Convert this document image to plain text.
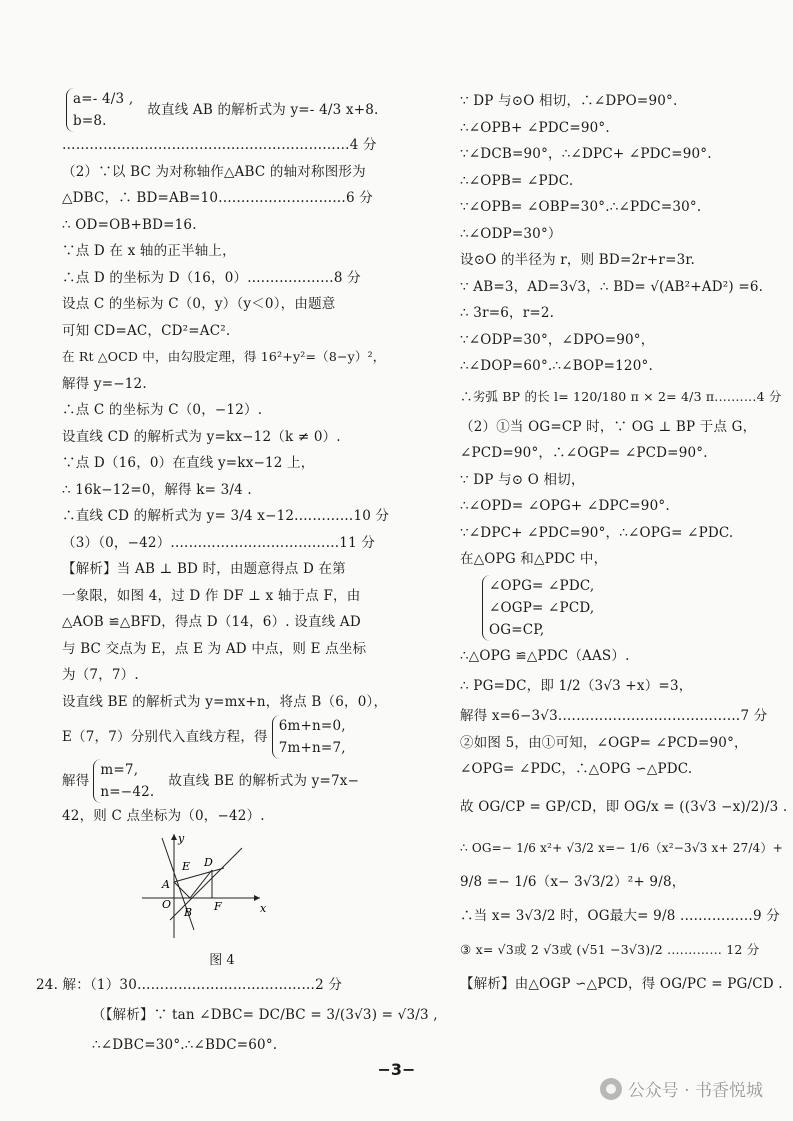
a=- 4/3 ,
b=8.
故直线 AB 的解析式为 y=- 4/3 x+8.
………………………………………………………4 分
（2）∵以 BC 为对称轴作△ABC 的轴对称图形为
△DBC，∴ BD=AB=10.………………………6 分
∴ OD=OB+BD=16.
∵点 D 在 x 轴的正半轴上，
∴点 D 的坐标为 D（16，0）.………………8 分
设点 C 的坐标为 C（0，y）（y＜0），由题意
可知 CD=AC，CD²=AC².
在 Rt △OCD 中，由勾股定理，得 16²+y²=（8−y）²，
解得 y=−12.
∴点 C 的坐标为 C（0，−12）.
设直线 CD 的解析式为 y=kx−12（k ≠ 0）.
∵点 D（16，0）在直线 y=kx−12 上，
∴ 16k−12=0，解得 k= 3/4 .
∴直线 CD 的解析式为 y= 3/4 x−12.…………10 分
（3）（0，−42）.………………………………11 分
【解析】当 AB ⊥ BD 时，由题意得点 D 在第
一象限，如图 4，过 D 作 DF ⊥ x 轴于点 F，由
△AOB ≌△BFD，得点 D（14，6）. 设直线 AD
与 BC 交点为 E，点 E 为 AD 中点，则 E 点坐标
为（7，7）.
设直线 BE 的解析式为 y=mx+n，将点 B（6，0），
E（7，7）分别代入直线方程，得
6m+n=0,
7m+n=7,
解得
m=7,
n=−42.
故直线 BE 的解析式为 y=7x−
42，则 C 点坐标为（0，−42）.
y
x
E
A
D
O	F
B
图 4
24. 解：（1）30…………………………………2 分
（【解析】∵ tan ∠DBC= DC/BC = 3/(3√3) = √3/3 ,
∴∠DBC=30°.∴∠BDC=60°.
∵ DP 与⊙O 相切，∴∠DPO=90°.
∴∠OPB+ ∠PDC=90°.
∵∠DCB=90°，∴∠DPC+ ∠PDC=90°.
∴∠OPB= ∠PDC.
∵∠OPB= ∠OBP=30°.∴∠PDC=30°.
∴∠ODP=30°）
设⊙O 的半径为 r，则 BD=2r+r=3r.
∵ AB=3，AD=3√3，∴ BD= √(AB²+AD²) =6.
∴ 3r=6，r=2.
∵∠ODP=30°，∠DPO=90°，
∴∠DOP=60°.∴∠BOP=120°.
∴劣弧 BP 的长 l= 120/180 π × 2= 4/3 π.………4 分
（2）①当 OG=CP 时，∵ OG ⊥ BP 于点 G，
∠PCD=90°，∴∠OGP= ∠PCD=90°.
∵ DP 与⊙ O 相切，
∴∠OPD= ∠OPG+ ∠DPC=90°.
∵∠DPC+ ∠PDC=90°，∴∠OPG= ∠PDC.
在△OPG 和△PDC 中，
∠OPG= ∠PDC,
∠OGP= ∠PCD,
OG=CP,
∴△OPG ≌△PDC（AAS）.
∴ PG=DC，即 1/2（3√3 +x）=3，
解得 x=6−3√3.…………………………………7 分
②如图 5，由①可知，∠OGP= ∠PCD=90°，
∠OPG= ∠PDC，∴△OPG ∽△PDC.
故 OG/CP = GP/CD，即 OG/x = ((3√3 −x)/2)/3 .
∴ OG=− 1/6 x²+ √3/2 x=− 1/6（x²−3√3 x+ 27/4）+
9/8 =− 1/6（x− 3√3/2）²+ 9/8，
∴当 x= 3√3/2 时，OG最大= 9/8 .……………9 分
③ x= √3或 2 √3或 (√51 −3√3)/2 .………… 12 分
【解析】由△OGP ∽△PCD，得 OG/PC = PG/CD .
−3−
公众号 · 书香悦城
